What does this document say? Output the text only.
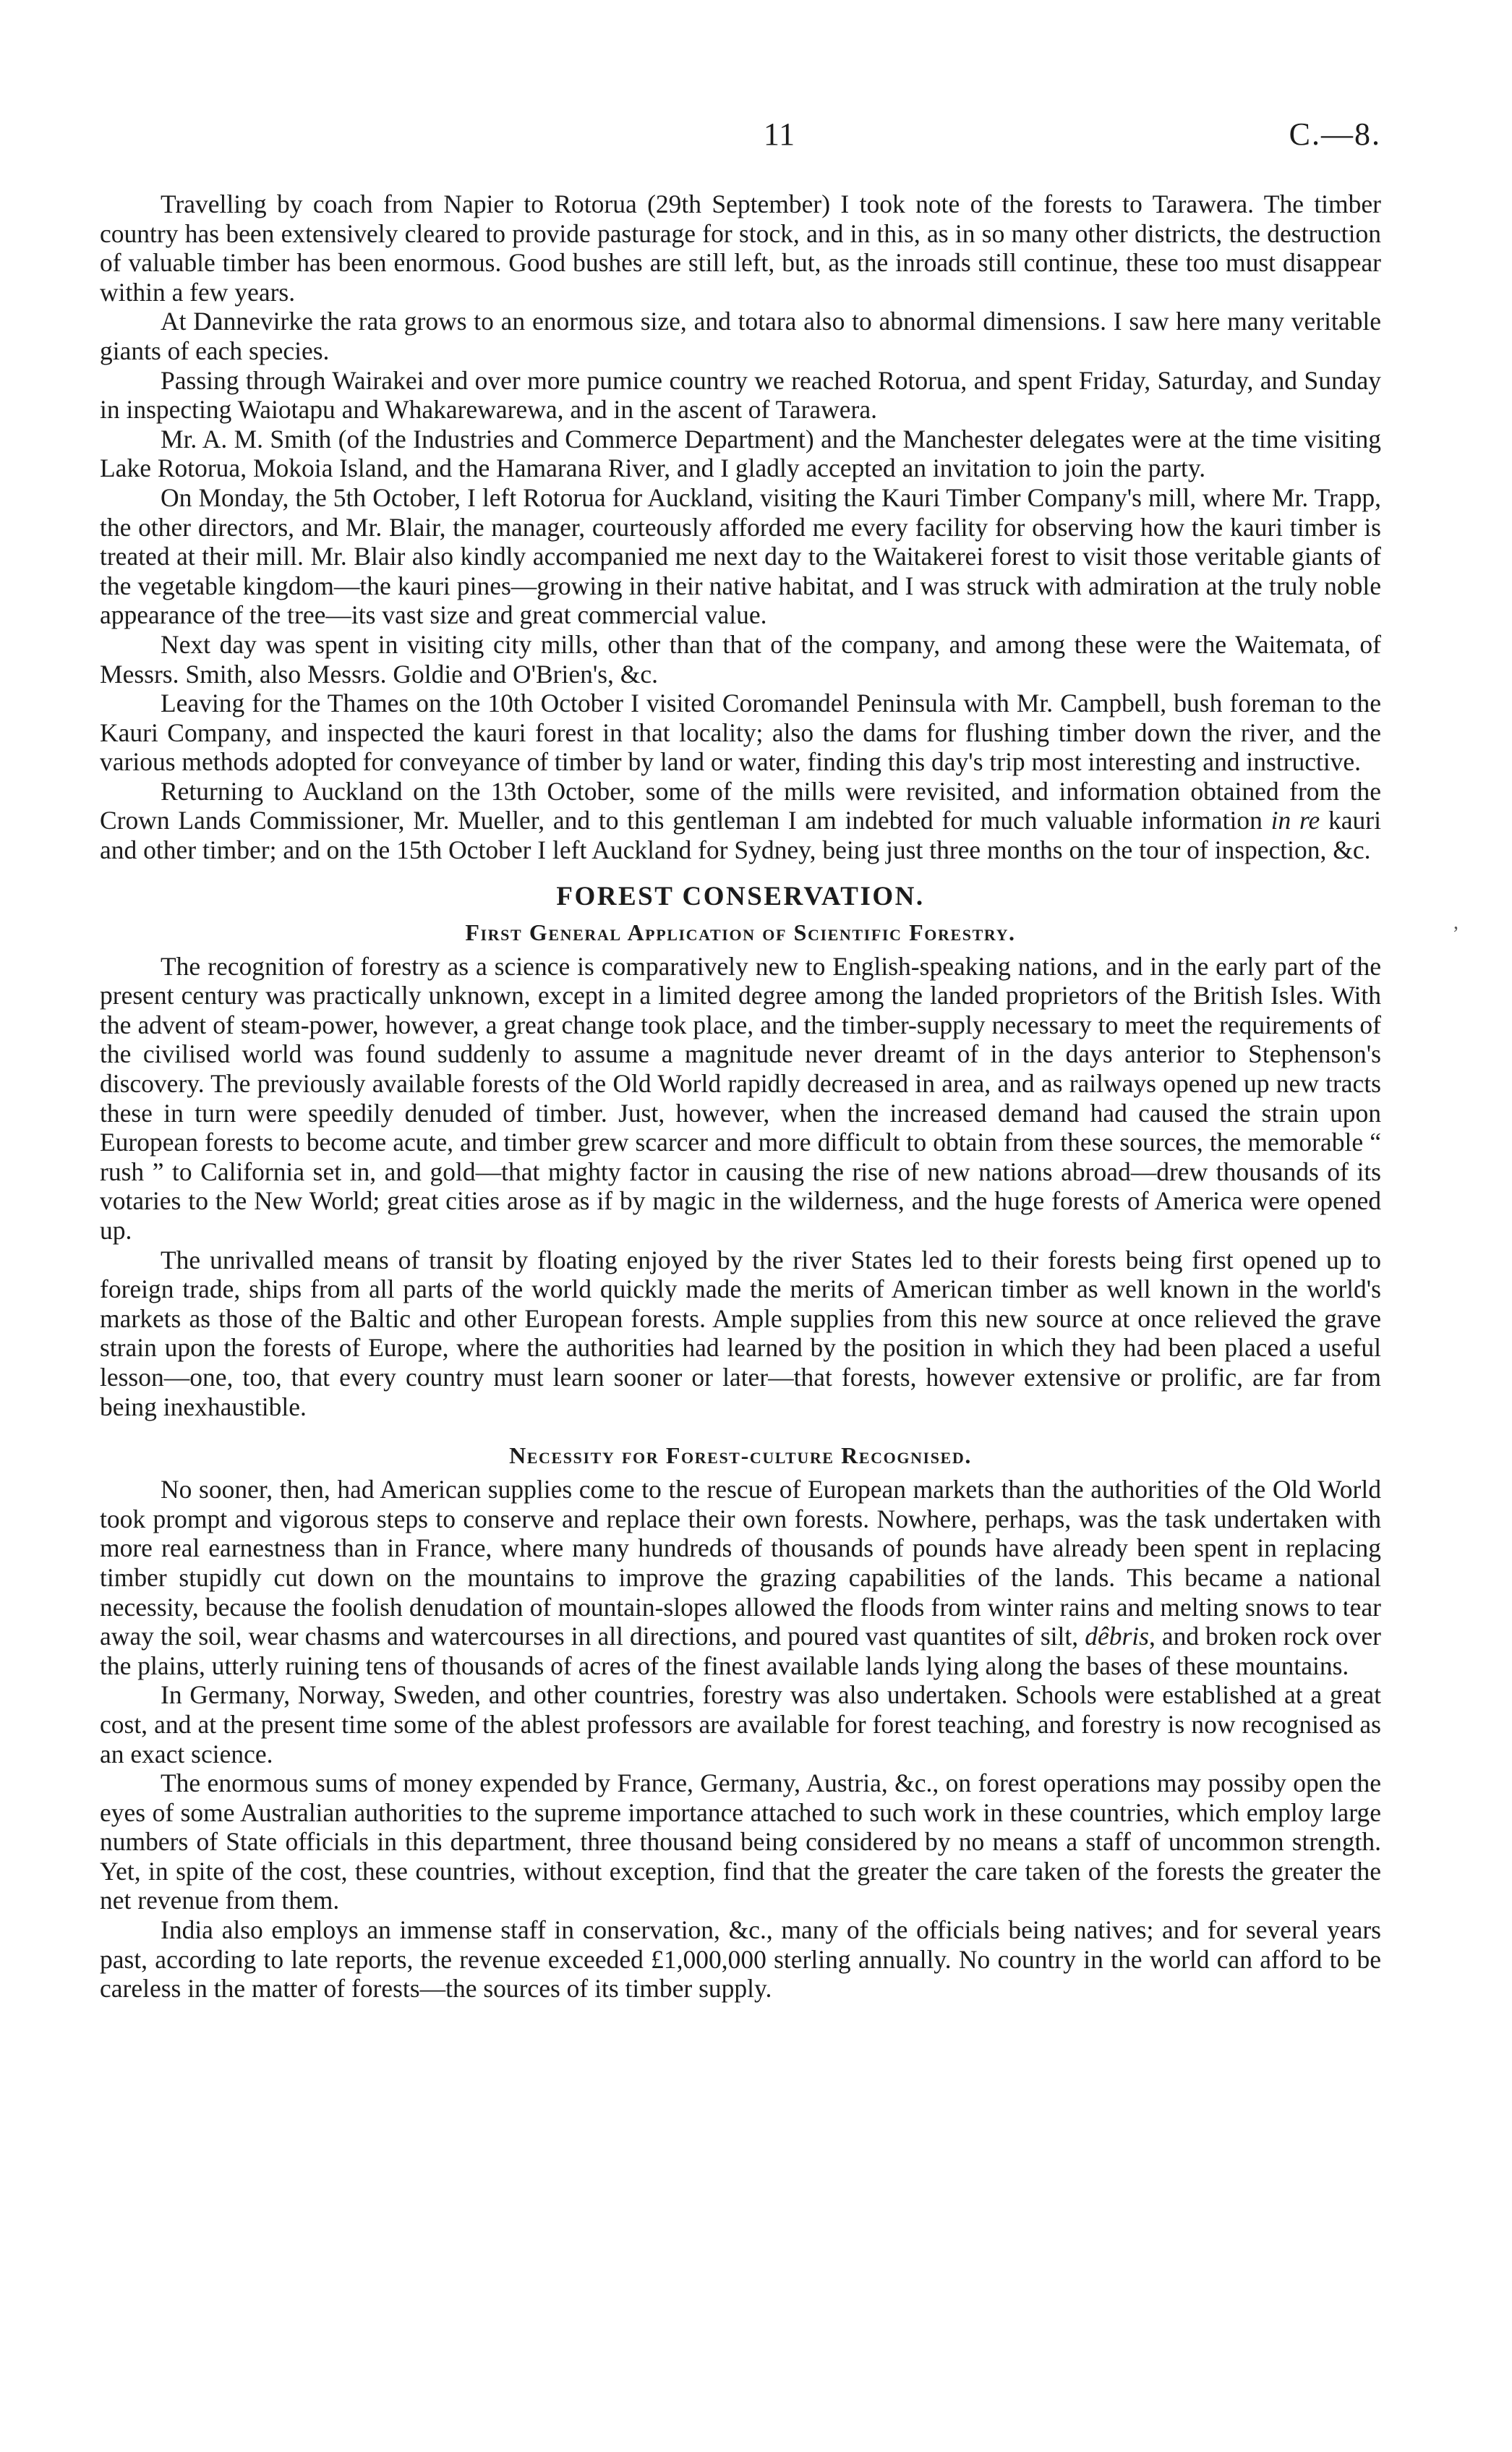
11	C.—8.

Travelling by coach from Napier to Rotorua (29th September) I took note of the forests to Tarawera. The timber country has been extensively cleared to provide pasturage for stock, and in this, as in so many other districts, the destruction of valuable timber has been enormous. Good bushes are still left, but, as the inroads still continue, these too must disappear within a few years.

At Dannevirke the rata grows to an enormous size, and totara also to abnormal dimensions. I saw here many veritable giants of each species.

Passing through Wairakei and over more pumice country we reached Rotorua, and spent Friday, Saturday, and Sunday in inspecting Waiotapu and Whakarewarewa, and in the ascent of Tarawera.

Mr. A. M. Smith (of the Industries and Commerce Department) and the Manchester delegates were at the time visiting Lake Rotorua, Mokoia Island, and the Hamarana River, and I gladly accepted an invitation to join the party.

On Monday, the 5th October, I left Rotorua for Auckland, visiting the Kauri Timber Company's mill, where Mr. Trapp, the other directors, and Mr. Blair, the manager, courteously afforded me every facility for observing how the kauri timber is treated at their mill. Mr. Blair also kindly accompanied me next day to the Waitakerei forest to visit those veritable giants of the vegetable kingdom—the kauri pines—growing in their native habitat, and I was struck with admiration at the truly noble appearance of the tree—its vast size and great commercial value.

Next day was spent in visiting city mills, other than that of the company, and among these were the Waitemata, of Messrs. Smith, also Messrs. Goldie and O'Brien's, &c.

Leaving for the Thames on the 10th October I visited Coromandel Peninsula with Mr. Campbell, bush foreman to the Kauri Company, and inspected the kauri forest in that locality; also the dams for flushing timber down the river, and the various methods adopted for conveyance of timber by land or water, finding this day's trip most interesting and instructive.

Returning to Auckland on the 13th October, some of the mills were revisited, and information obtained from the Crown Lands Commissioner, Mr. Mueller, and to this gentleman I am indebted for much valuable information in re kauri and other timber; and on the 15th October I left Auckland for Sydney, being just three months on the tour of inspection, &c.

FOREST CONSERVATION.
First General Application of Scientific Forestry.

The recognition of forestry as a science is comparatively new to English-speaking nations, and in the early part of the present century was practically unknown, except in a limited degree among the landed proprietors of the British Isles. With the advent of steam-power, however, a great change took place, and the timber-supply necessary to meet the requirements of the civilised world was found suddenly to assume a magnitude never dreamt of in the days anterior to Stephenson's discovery. The previously available forests of the Old World rapidly decreased in area, and as railways opened up new tracts these in turn were speedily denuded of timber. Just, however, when the increased demand had caused the strain upon European forests to become acute, and timber grew scarcer and more difficult to obtain from these sources, the memorable “ rush ” to California set in, and gold—that mighty factor in causing the rise of new nations abroad—drew thousands of its votaries to the New World; great cities arose as if by magic in the wilderness, and the huge forests of America were opened up.

The unrivalled means of transit by floating enjoyed by the river States led to their forests being first opened up to foreign trade, ships from all parts of the world quickly made the merits of American timber as well known in the world's markets as those of the Baltic and other European forests. Ample supplies from this new source at once relieved the grave strain upon the forests of Europe, where the authorities had learned by the position in which they had been placed a useful lesson—one, too, that every country must learn sooner or later—that forests, however extensive or prolific, are far from being inexhaustible.

Necessity for Forest-culture Recognised.

No sooner, then, had American supplies come to the rescue of European markets than the authorities of the Old World took prompt and vigorous steps to conserve and replace their own forests. Nowhere, perhaps, was the task undertaken with more real earnestness than in France, where many hundreds of thousands of pounds have already been spent in replacing timber stupidly cut down on the mountains to improve the grazing capabilities of the lands. This became a national necessity, because the foolish denudation of mountain-slopes allowed the floods from winter rains and melting snows to tear away the soil, wear chasms and watercourses in all directions, and poured vast quantites of silt, dêbris, and broken rock over the plains, utterly ruining tens of thousands of acres of the finest available lands lying along the bases of these mountains.

In Germany, Norway, Sweden, and other countries, forestry was also undertaken. Schools were established at a great cost, and at the present time some of the ablest professors are available for forest teaching, and forestry is now recognised as an exact science.

The enormous sums of money expended by France, Germany, Austria, &c., on forest operations may possiby open the eyes of some Australian authorities to the supreme importance attached to such work in these countries, which employ large numbers of State officials in this department, three thousand being considered by no means a staff of uncommon strength. Yet, in spite of the cost, these countries, without exception, find that the greater the care taken of the forests the greater the net revenue from them.

India also employs an immense staff in conservation, &c., many of the officials being natives; and for several years past, according to late reports, the revenue exceeded £1,000,000 sterling annually. No country in the world can afford to be careless in the matter of forests—the sources of its timber supply.

,
